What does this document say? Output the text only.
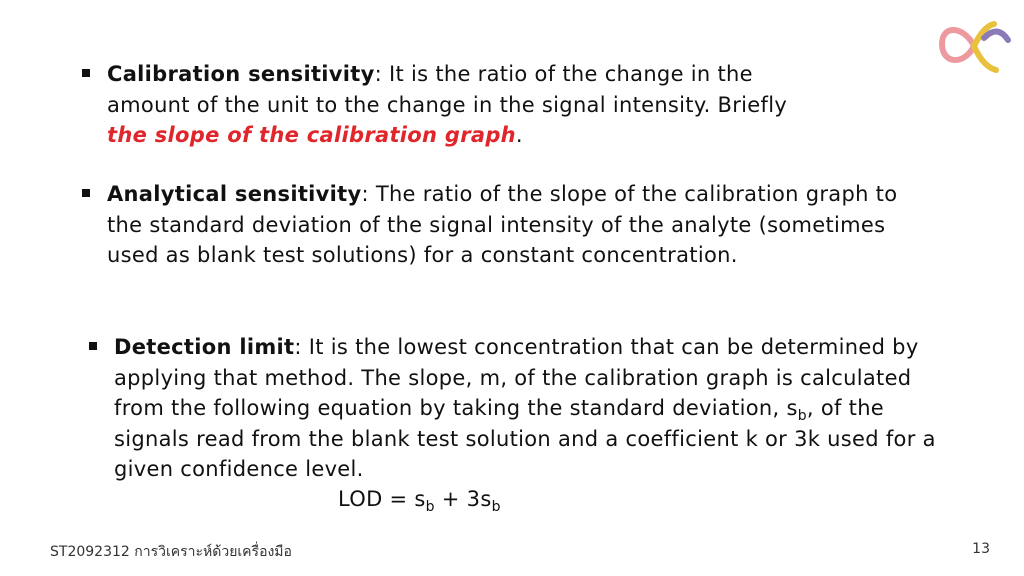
Calibration sensitivity: It is the ratio of the change in the amount of the unit to the change in the signal intensity. Briefly the slope of the calibration graph.
Analytical sensitivity: The ratio of the slope of the calibration graph to the standard deviation of the signal intensity of the analyte (sometimes used as blank test solutions) for a constant concentration.
Detection limit: It is the lowest concentration that can be determined by applying that method. The slope, m, of the calibration graph is calculated from the following equation by taking the standard deviation, $s_b$, of the signals read from the blank test solution and a coefficient k or 3k used for a given confidence level.
LOD = $s_b + 3s_b$
ST2092312 การวิเคราะห์ด้วยเครื่องมือ	13
